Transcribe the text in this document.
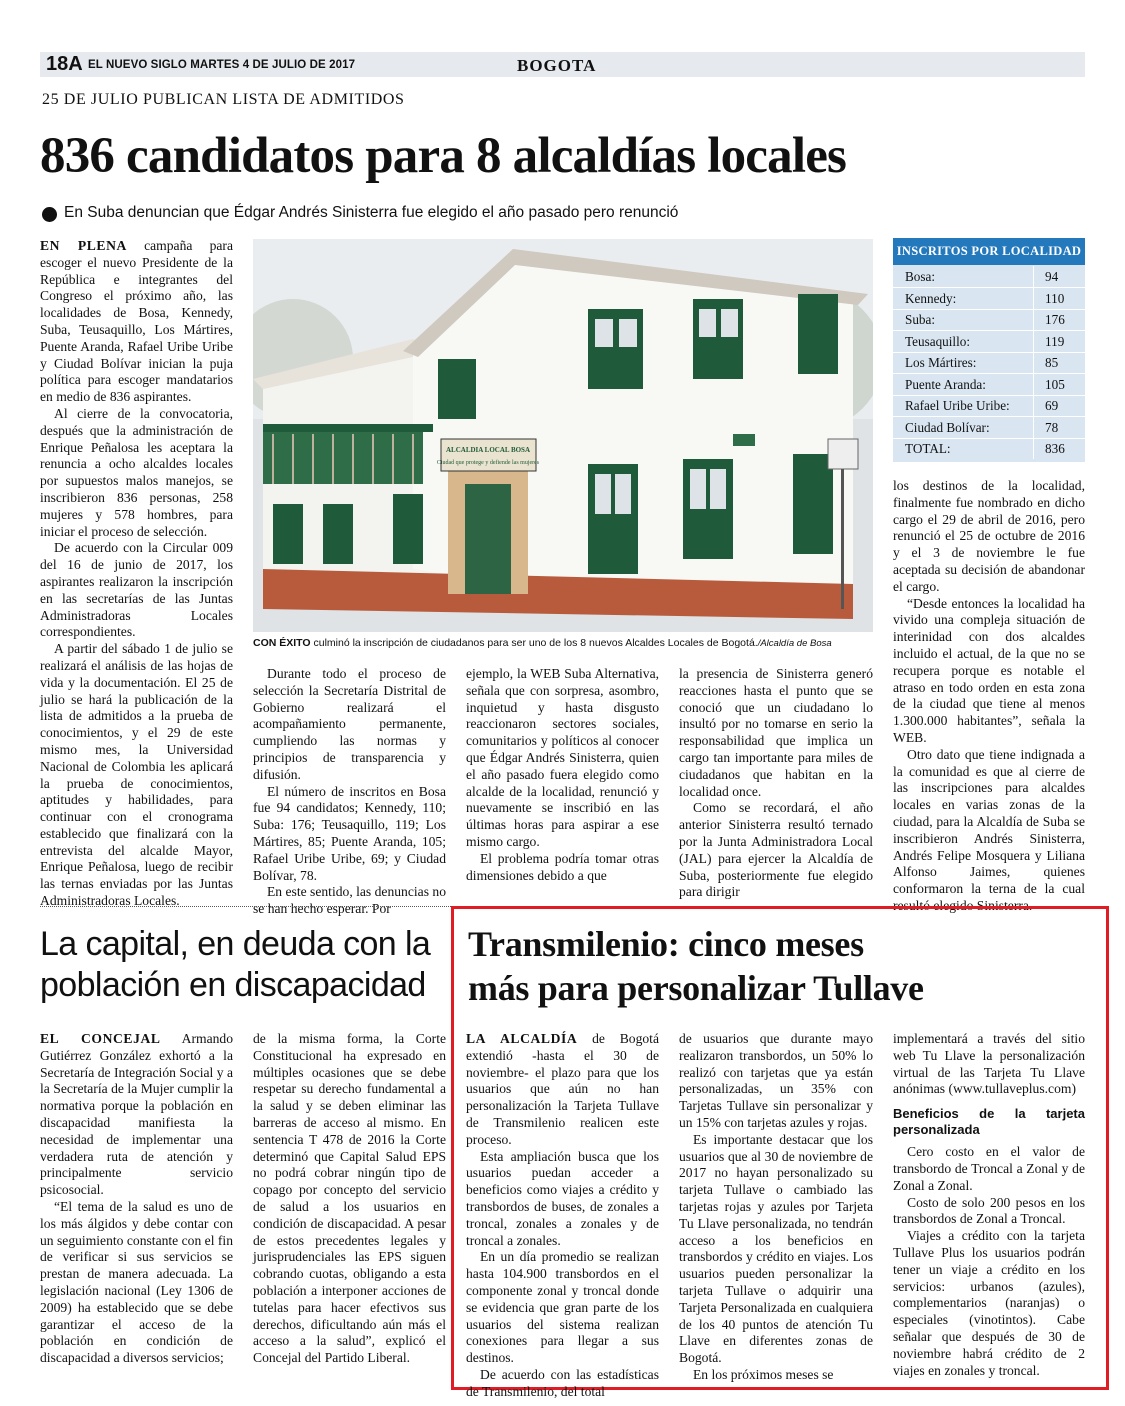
18A EL NUEVO SIGLO MARTES 4 DE JULIO DE 2017	BOGOTA
25 DE JULIO PUBLICAN LISTA DE ADMITIDOS
836 candidatos para 8 alcaldías locales
En Suba denuncian que Édgar Andrés Sinisterra fue elegido el año pasado pero renunció

EN PLENA campaña para escoger el nuevo Presidente de la República e integrantes del Congreso el próximo año, las localidades de Bosa, Kennedy, Suba, Teusaquillo, Los Mártires, Puente Aranda, Rafael Uribe Uribe y Ciudad Bolívar inician la puja política para escoger mandatarios en medio de 836 aspirantes.

Al cierre de la convocatoria, después que la administración de Enrique Peñalosa les aceptara la renuncia a ocho alcaldes locales por supuestos malos manejos, se inscribieron 836 personas, 258 mujeres y 578 hombres, para iniciar el proceso de selección.

De acuerdo con la Circular 009 del 16 de junio de 2017, los aspirantes realizaron la inscripción en las secretarías de las Juntas Administradoras Locales correspondientes.

A partir del sábado 1 de julio se realizará el análisis de las hojas de vida y la documentación. El 25 de julio se hará la publicación de la lista de admitidos a la prueba de conocimientos, y el 29 de este mismo mes, la Universidad Nacional de Colombia les aplicará la prueba de conocimientos, aptitudes y habilidades, para continuar con el cronograma establecido que finalizará con la entrevista del alcalde Mayor, Enrique Peñalosa, luego de recibir las ternas enviadas por las Juntas Administradoras Locales.

ALCALDIA LOCAL BOSA
Ciudad que protege y defiende las mujeres
CON ÉXITO culminó la inscripción de ciudadanos para ser uno de los 8 nuevos Alcaldes Locales de Bogotá./Alcaldía de Bosa
INSCRITOS POR LOCALIDAD
Bosa:	94
Kennedy:	110
Suba:	176
Teusaquillo:	119
Los Mártires:	85
Puente Aranda:	105
Rafael Uribe Uribe:	69
Ciudad Bolívar:	78
TOTAL:	836

Durante todo el proceso de selección la Secretaría Distrital de Gobierno realizará el acompañamiento permanente, cumpliendo las normas y principios de transparencia y difusión.

El número de inscritos en Bosa fue 94 candidatos; Kennedy, 110; Suba: 176; Teusaquillo, 119; Los Mártires, 85; Puente Aranda, 105; Rafael Uribe Uribe, 69; y Ciudad Bolívar, 78.

En este sentido, las denuncias no se han hecho esperar. Por

ejemplo, la WEB Suba Alternativa, señala que con sorpresa, asombro, inquietud y hasta disgusto reaccionaron sectores sociales, comunitarios y políticos al conocer que Édgar Andrés Sinisterra, quien el año pasado fuera elegido como alcalde de la localidad, renunció y nuevamente se inscribió en las últimas horas para aspirar a ese mismo cargo.

El problema podría tomar otras dimensiones debido a que

la presencia de Sinisterra generó reacciones hasta el punto que se conoció que un ciudadano lo insultó por no tomarse en serio la responsabilidad que implica un cargo tan importante para miles de ciudadanos que habitan en la localidad once.

Como se recordará, el año anterior Sinisterra resultó ternado por la Junta Administradora Local (JAL) para ejercer la Alcaldía de Suba, posteriormente fue elegido para dirigir

los destinos de la localidad, finalmente fue nombrado en dicho cargo el 29 de abril de 2016, pero renunció el 25 de octubre de 2016 y el 3 de noviembre le fue aceptada su decisión de abandonar el cargo.

“Desde entonces la localidad ha vivido una compleja situación de interinidad con dos alcaldes incluido el actual, de la que no se recupera porque es notable el atraso en todo orden en esta zona de la ciudad que tiene al menos 1.300.000 habitantes”, señala la WEB.

Otro dato que tiene indignada a la comunidad es que al cierre de las inscripciones para alcaldes locales en varias zonas de la ciudad, para la Alcaldía de Suba se inscribieron Andrés Sinisterra, Andrés Felipe Mosquera y Liliana Alfonso Jaimes, quienes conformaron la terna de la cual resultó elegido Sinisterra.

La capital, en deuda con la
población en discapacidad

EL CONCEJAL Armando Gutiérrez González exhortó a la Secretaría de Integración Social y a la Secretaría de la Mujer cumplir la normativa porque la población en discapacidad manifiesta la necesidad de implementar una verdadera ruta de atención y principalmente servicio psicosocial.

“El tema de la salud es uno de los más álgidos y debe contar con un seguimiento constante con el fin de verificar si sus servicios se prestan de manera adecuada. La legislación nacional (Ley 1306 de 2009) ha establecido que se debe garantizar el acceso de la población en condición de discapacidad a diversos servicios;

de la misma forma, la Corte Constitucional ha expresado en múltiples ocasiones que se debe respetar su derecho fundamental a la salud y se deben eliminar las barreras de acceso al mismo. En sentencia T 478 de 2016 la Corte determinó que Capital Salud EPS no podrá cobrar ningún tipo de copago por concepto del servicio de salud a los usuarios en condición de discapacidad. A pesar de estos precedentes legales y jurisprudenciales las EPS siguen cobrando cuotas, obligando a esta población a interponer acciones de tutelas para hacer efectivos sus derechos, dificultando aún más el acceso a la salud”, explicó el Concejal del Partido Liberal.

Transmilenio: cinco meses
más para personalizar Tullave

LA ALCALDÍA de Bogotá extendió -hasta el 30 de noviembre- el plazo para que los usuarios que aún no han personalización la Tarjeta Tullave de Transmilenio realicen este proceso.

Esta ampliación busca que los usuarios puedan acceder a beneficios como viajes a crédito y transbordos de buses, de zonales a troncal, zonales a zonales y de troncal a zonales.

En un día promedio se realizan hasta 104.900 transbordos en el componente zonal y troncal donde se evidencia que gran parte de los usuarios del sistema realizan conexiones para llegar a sus destinos.

De acuerdo con las estadísticas de Transmilenio, del total

de usuarios que durante mayo realizaron transbordos, un 50% lo realizó con tarjetas que ya están personalizadas, un 35% con Tarjetas Tullave sin personalizar y un 15% con tarjetas azules y rojas.

Es importante destacar que los usuarios que al 30 de noviembre de 2017 no hayan personalizado su tarjeta Tullave o cambiado las tarjetas rojas y azules por Tarjeta Tu Llave personalizada, no tendrán acceso a los beneficios en transbordos y crédito en viajes. Los usuarios pueden personalizar la tarjeta Tullave o adquirir una Tarjeta Personalizada en cualquiera de los 40 puntos de atención Tu Llave en diferentes zonas de Bogotá.

En los próximos meses se

implementará a través del sitio web Tu Llave la personalización virtual de las Tarjeta Tu Llave anónimas (www.tullaveplus.com)

Beneficios de la tarjeta personalizada

Cero costo en el valor de transbordo de Troncal a Zonal y de Zonal a Zonal.

Costo de solo 200 pesos en los transbordos de Zonal a Troncal.

Viajes a crédito con la tarjeta Tullave Plus los usuarios podrán tener un viaje a crédito en los servicios: urbanos (azules), complementarios (naranjas) o especiales (vinotintos). Cabe señalar que después de 30 de noviembre habrá crédito de 2 viajes en zonales y troncal.
